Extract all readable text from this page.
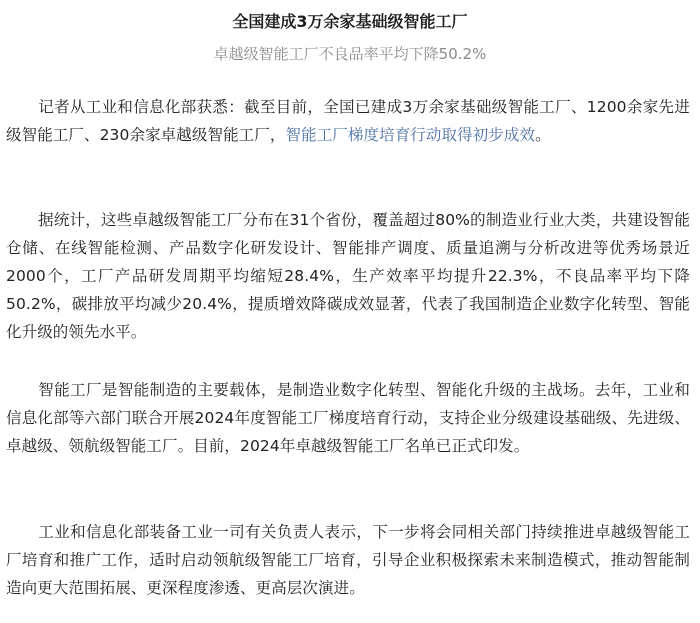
全国建成3万余家基础级智能工厂
卓越级智能工厂不良品率平均下降50.2%

记者从工业和信息化部获悉：截至目前，全国已建成3万余家基础级智能工厂、1200余家先进级智能工厂、230余家卓越级智能工厂，智能工厂梯度培育行动取得初步成效。

据统计，这些卓越级智能工厂分布在31个省份，覆盖超过80%的制造业行业大类，共建设智能仓储、在线智能检测、产品数字化研发设计、智能排产调度、质量追溯与分析改进等优秀场景近2000个，工厂产品研发周期平均缩短28.4%，生产效率平均提升22.3%，不良品率平均下降50.2%，碳排放平均减少20.4%，提质增效降碳成效显著，代表了我国制造企业数字化转型、智能化升级的领先水平。

智能工厂是智能制造的主要载体，是制造业数字化转型、智能化升级的主战场。去年，工业和信息化部等六部门联合开展2024年度智能工厂梯度培育行动，支持企业分级建设基础级、先进级、卓越级、领航级智能工厂。目前，2024年卓越级智能工厂名单已正式印发。

工业和信息化部装备工业一司有关负责人表示，下一步将会同相关部门持续推进卓越级智能工厂培育和推广工作，适时启动领航级智能工厂培育，引导企业积极探索未来制造模式，推动智能制造向更大范围拓展、更深程度渗透、更高层次演进。
